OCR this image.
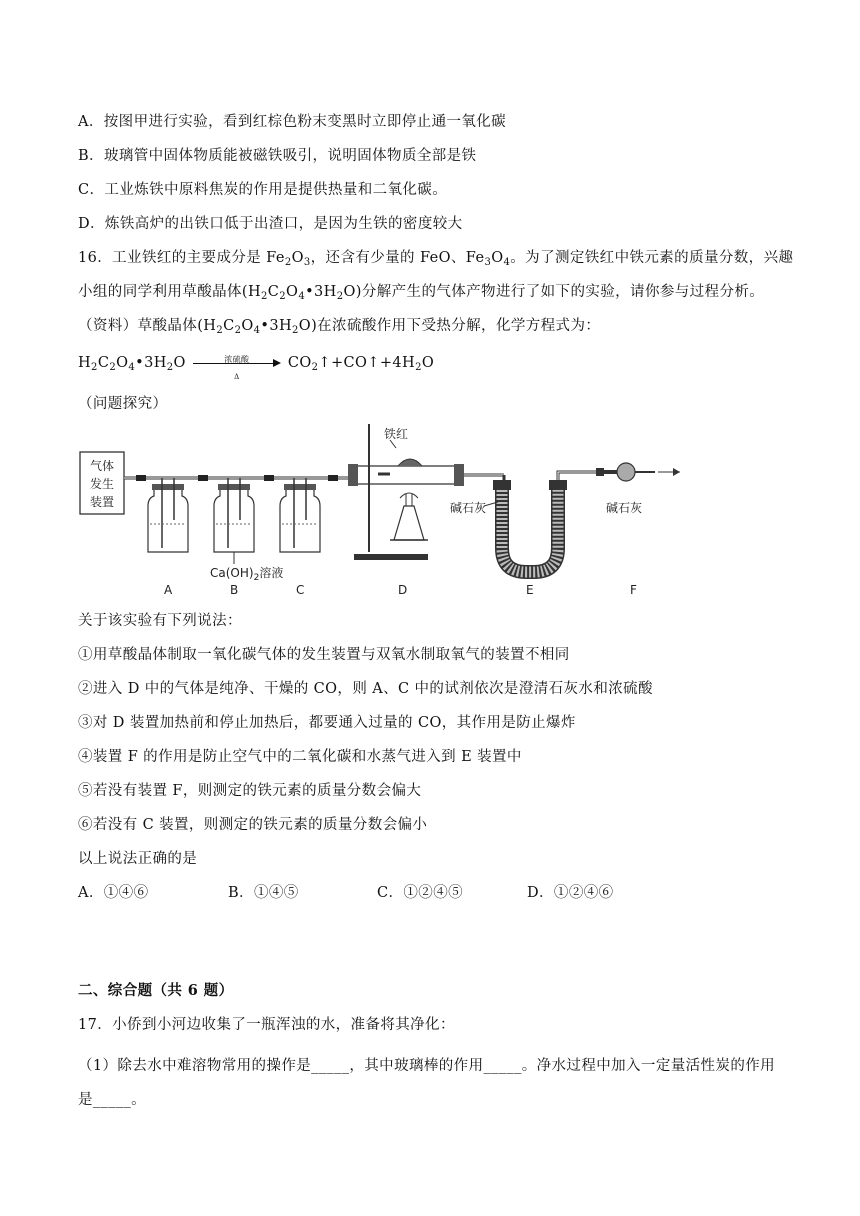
A．按图甲进行实验，看到红棕色粉末变黑时立即停止通一氧化碳
B．玻璃管中固体物质能被磁铁吸引，说明固体物质全部是铁
C．工业炼铁中原料焦炭的作用是提供热量和二氧化碳。
D．炼铁高炉的出铁口低于出渣口，是因为生铁的密度较大
16．工业铁红的主要成分是 $Fe_2O_3$，还含有少量的 FeO、$Fe_3O_4$。为了测定铁红中铁元素的质量分数，兴趣
小组的同学利用草酸晶体$(H_2C_2O_4•3H_2O)$分解产生的气体产物进行了如下的实验，请你参与过程分析。
（资料）草酸晶体$(H_2C_2O_4•3H_2O)$在浓硫酸作用下受热分解，化学方程式为：
$H_2C_2O_4•3H_2O$	浓硫酸
Δ
$CO_2↑+CO↑+4H_2O$
（问题探究）
气体
发生
装置
铁红
碱石灰	碱石灰
$Ca(OH)_2$溶液
A	B	C	D	E	F
关于该实验有下列说法：
①用草酸晶体制取一氧化碳气体的发生装置与双氧水制取氧气的装置不相同
②进入 D 中的气体是纯净、干燥的 CO，则 A、C 中的试剂依次是澄清石灰水和浓硫酸
③对 D 装置加热前和停止加热后，都要通入过量的 CO，其作用是防止爆炸
④装置 F 的作用是防止空气中的二氧化碳和水蒸气进入到 E 装置中
⑤若没有装置 F，则测定的铁元素的质量分数会偏大
⑥若没有 C 装置，则测定的铁元素的质量分数会偏小
以上说法正确的是
A．①④⑥	B．①④⑤	C．①②④⑤	D．①②④⑥
二、综合题（共 6 题）
17．小侨到小河边收集了一瓶浑浊的水，准备将其净化：
（1）除去水中难溶物常用的操作是_____，其中玻璃棒的作用_____。净水过程中加入一定量活性炭的作用是_____。
